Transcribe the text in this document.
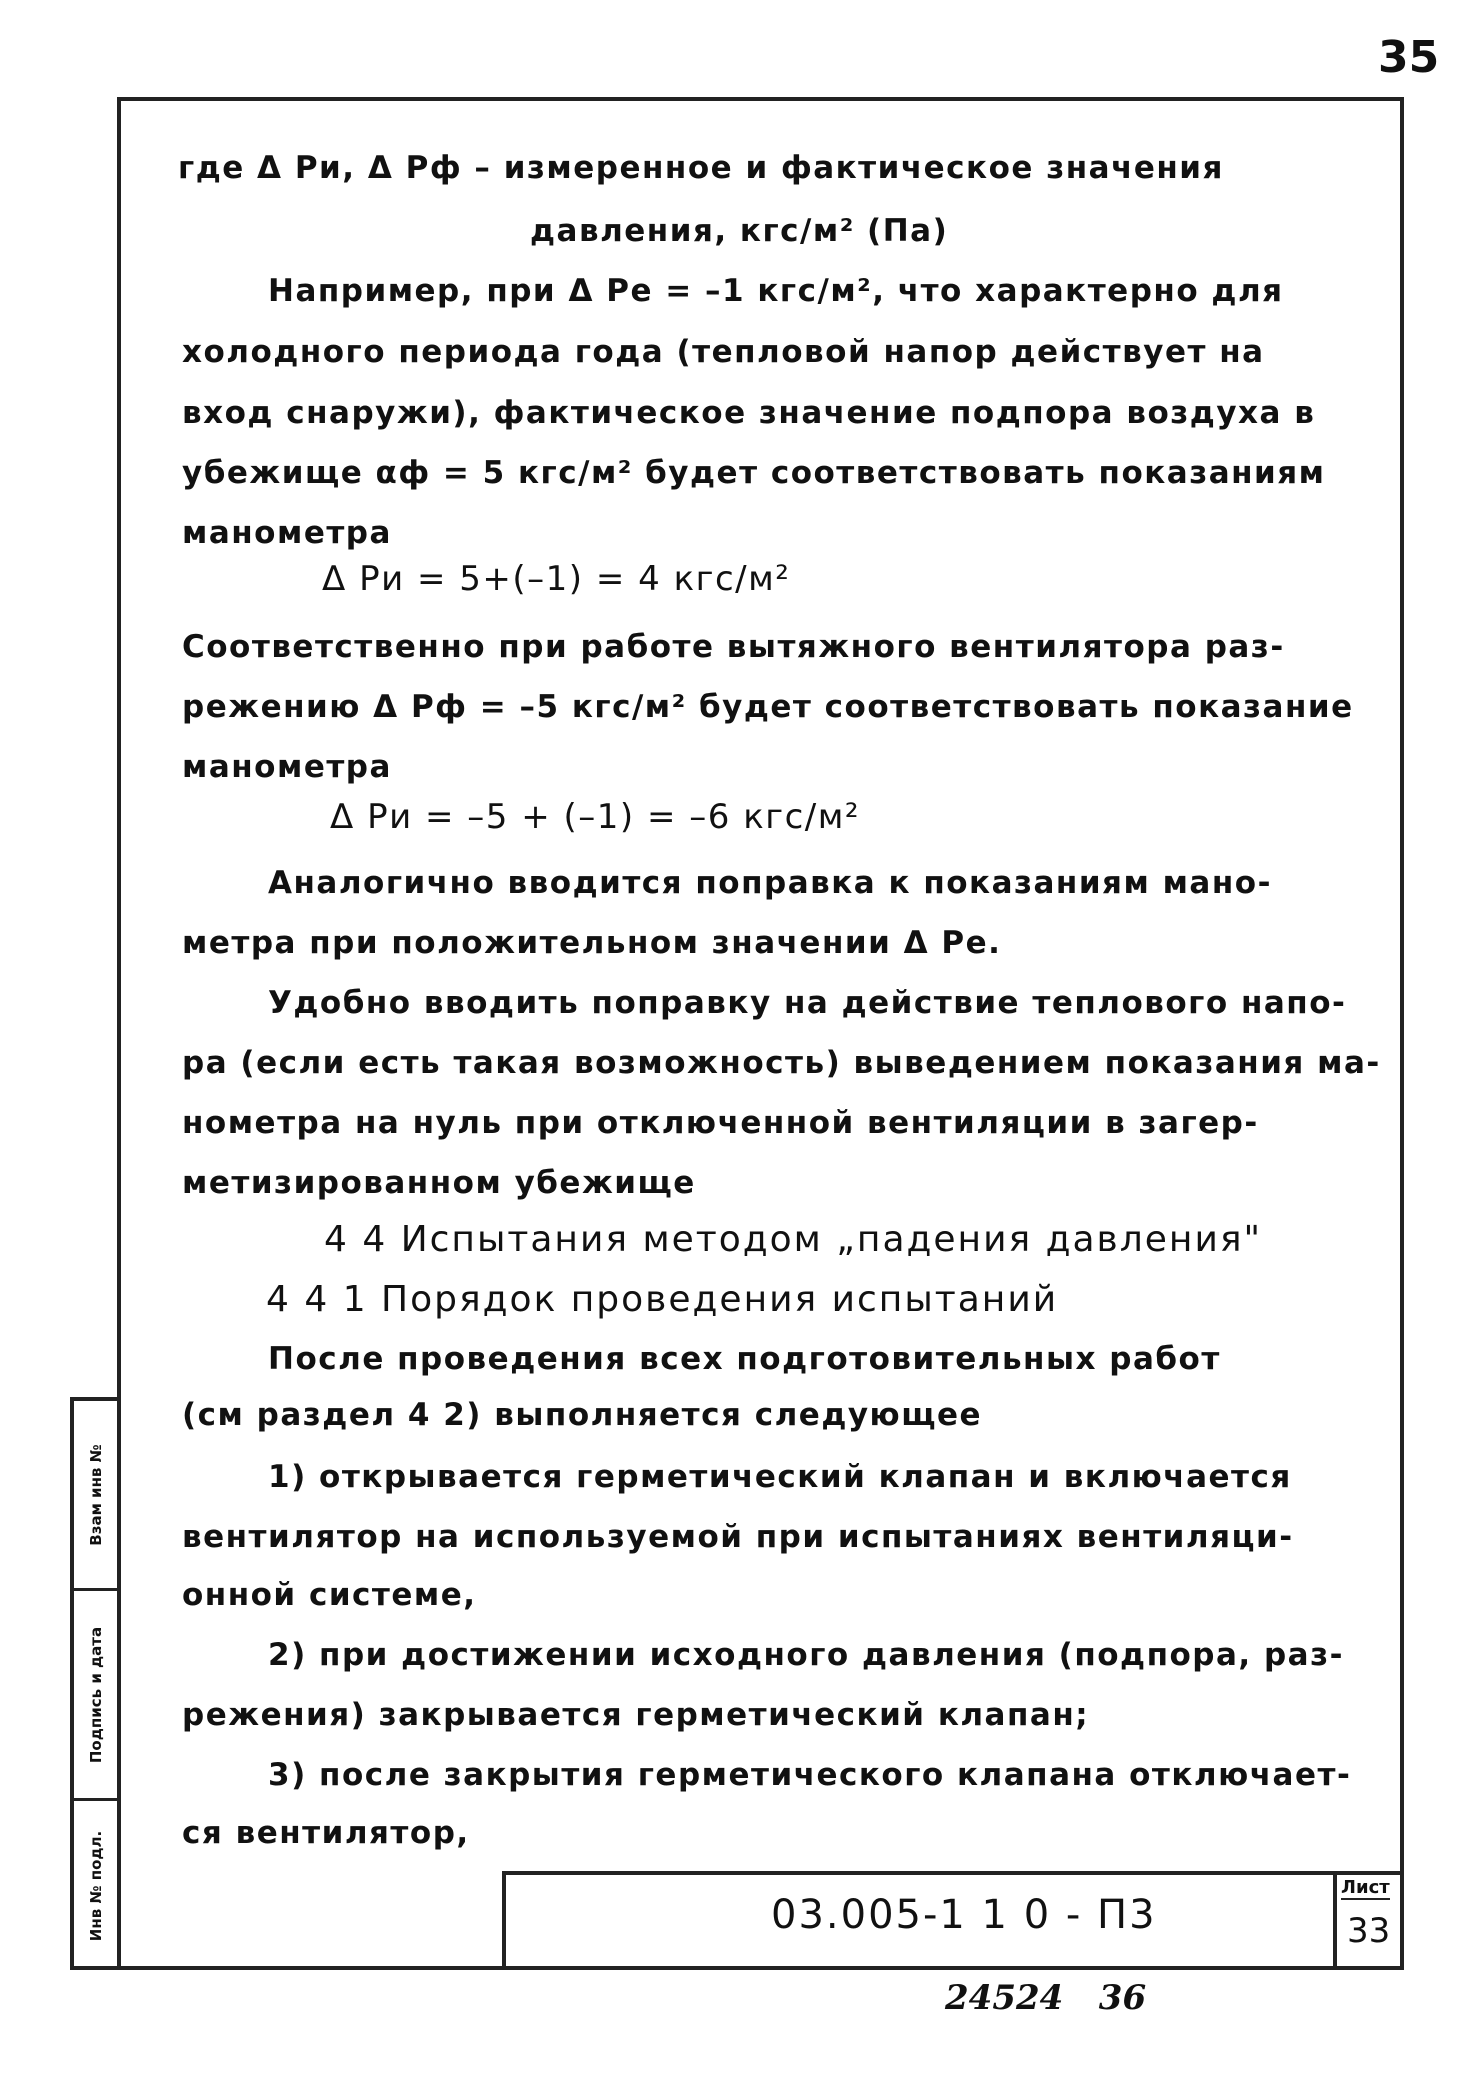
35
где Δ Ри, Δ Рф – измеренное и фактическое значения
давления, кгс/м² (Па)
Например, при Δ Ре = –1 кгс/м², что характерно для
холодного периода года (тепловой напор действует на
вход снаружи), фактическое значение подпора воздуха в
убежище αф = 5 кгс/м² будет соответствовать показаниям
манометра
Δ Ри = 5+(–1) = 4 кгс/м²
Соответственно при работе вытяжного вентилятора раз-
режению Δ Рф = –5 кгс/м² будет соответствовать показание
манометра
Δ Ри = –5 + (–1) = –6 кгс/м²
Аналогично вводится поправка к показаниям мано-
метра при положительном значении Δ Ре.
Удобно вводить поправку на действие теплового напо-
ра (если есть такая возможность) выведением показания ма-
нометра на нуль при отключенной вентиляции в загер-
метизированном убежище
4 4 Испытания методом „падения давления"
4 4 1 Порядок проведения испытаний
После проведения всех подготовительных работ
(см раздел 4 2) выполняется следующее
1) открывается герметический клапан и включается
вентилятор на используемой при испытаниях вентиляци-
онной системе,
2) при достижении исходного давления (подпора, раз-
режения) закрывается герметический клапан;
3) после закрытия герметического клапана отключает-
ся вентилятор,
Взам инв №
Подпись и дата
Инв № подл.	03.005-1 1 0 - П3
Лист
33
24524   36
